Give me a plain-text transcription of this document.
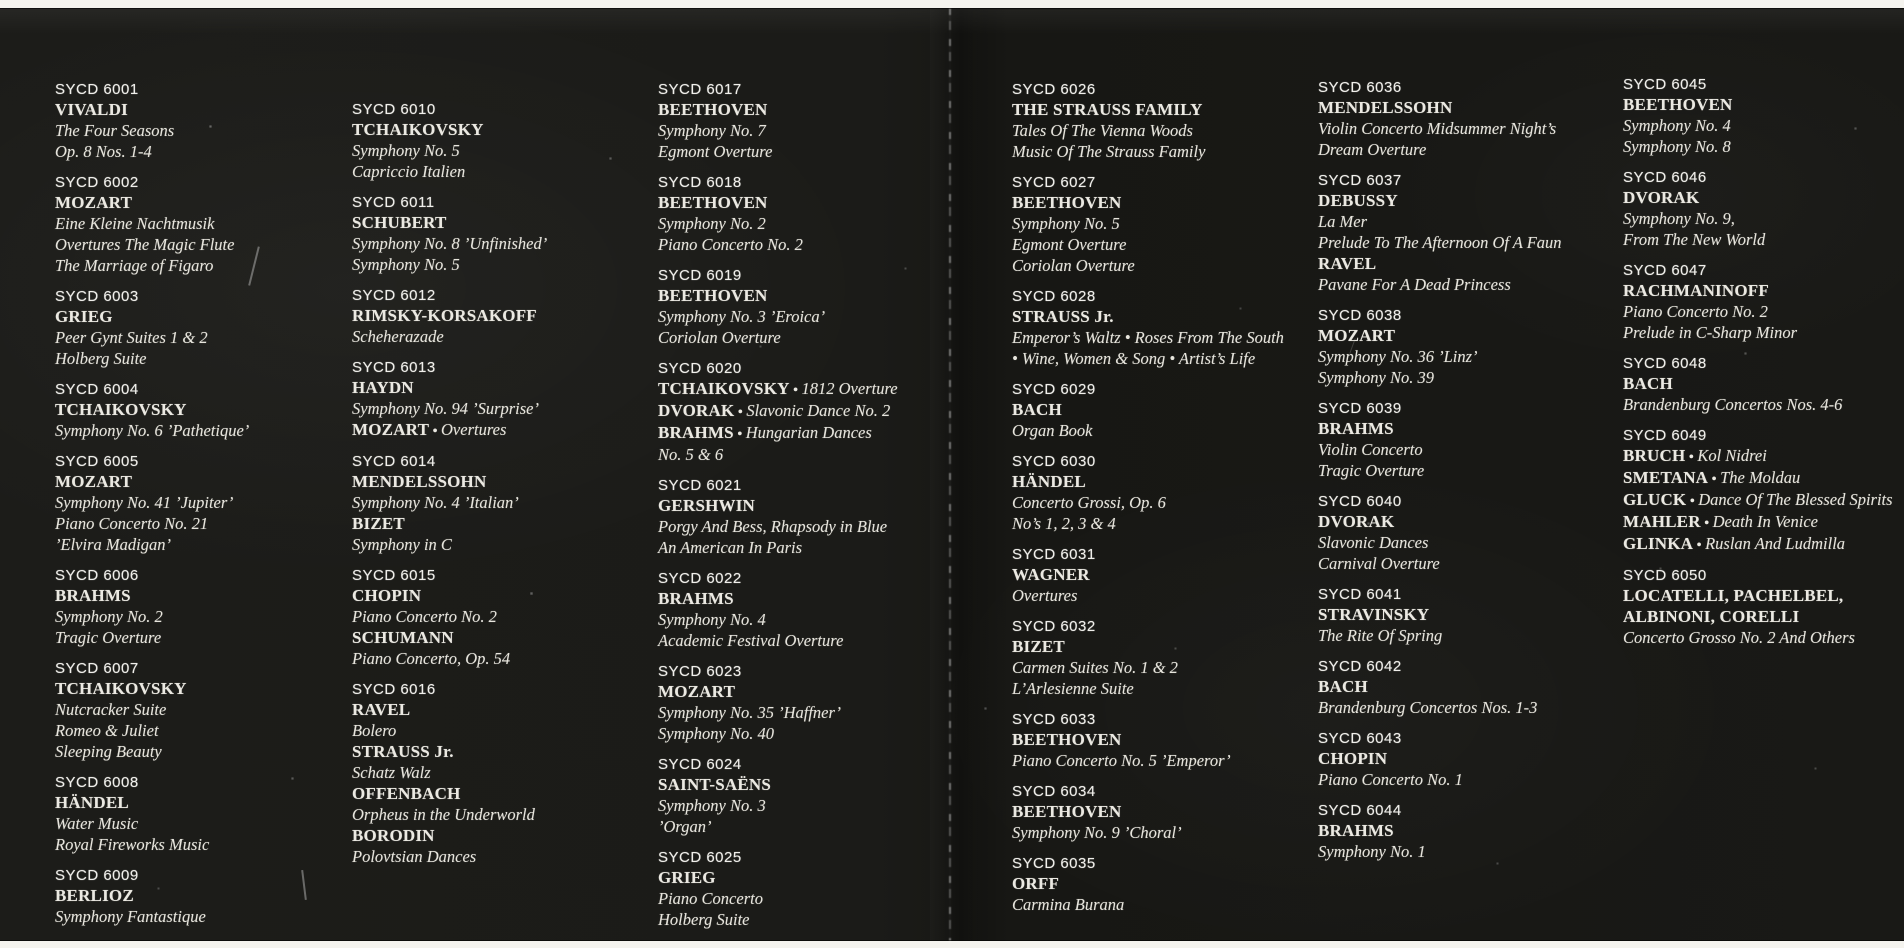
SYCD 6001
VIVALDI
The Four Seasons
Op. 8 Nos. 1-4
SYCD 6002
MOZART
Eine Kleine Nachtmusik
Overtures The Magic Flute
The Marriage of Figaro
SYCD 6003
GRIEG
Peer Gynt Suites 1 & 2
Holberg Suite
SYCD 6004
TCHAIKOVSKY
Symphony No. 6 ’Pathetique’
SYCD 6005
MOZART
Symphony No. 41 ’Jupiter’
Piano Concerto No. 21
’Elvira Madigan’
SYCD 6006
BRAHMS
Symphony No. 2
Tragic Overture
SYCD 6007
TCHAIKOVSKY
Nutcracker Suite
Romeo & Juliet
Sleeping Beauty
SYCD 6008
HÄNDEL
Water Music
Royal Fireworks Music
SYCD 6009
BERLIOZ
Symphony Fantastique
SYCD 6010
TCHAIKOVSKY
Symphony No. 5
Capriccio Italien
SYCD 6011
SCHUBERT
Symphony No. 8 ’Unfinished’
Symphony No. 5
SYCD 6012
RIMSKY-KORSAKOFF
Scheherazade
SYCD 6013
HAYDN
Symphony No. 94 ’Surprise’
MOZART • Overtures
SYCD 6014
MENDELSSOHN
Symphony No. 4 ’Italian’
BIZET
Symphony in C
SYCD 6015
CHOPIN
Piano Concerto No. 2
SCHUMANN
Piano Concerto, Op. 54
SYCD 6016
RAVEL
Bolero
STRAUSS Jr.
Schatz Walz
OFFENBACH
Orpheus in the Underworld
BORODIN
Polovtsian Dances
SYCD 6017
BEETHOVEN
Symphony No. 7
Egmont Overture
SYCD 6018
BEETHOVEN
Symphony No. 2
Piano Concerto No. 2
SYCD 6019
BEETHOVEN
Symphony No. 3 ’Eroica’
Coriolan Overture
SYCD 6020
TCHAIKOVSKY • 1812 Overture
DVORAK • Slavonic Dance No. 2
BRAHMS • Hungarian Dances
No. 5 & 6
SYCD 6021
GERSHWIN
Porgy And Bess, Rhapsody in Blue
An American In Paris
SYCD 6022
BRAHMS
Symphony No. 4
Academic Festival Overture
SYCD 6023
MOZART
Symphony No. 35 ’Haffner’
Symphony No. 40
SYCD 6024
SAINT-SAËNS
Symphony No. 3
’Organ’
SYCD 6025
GRIEG
Piano Concerto
Holberg Suite
SYCD 6026
THE STRAUSS FAMILY
Tales Of The Vienna Woods
Music Of The Strauss Family
SYCD 6027
BEETHOVEN
Symphony No. 5
Egmont Overture
Coriolan Overture
SYCD 6028
STRAUSS Jr.
Emperor’s Waltz • Roses From The South
• Wine, Women & Song • Artist’s Life
SYCD 6029
BACH
Organ Book
SYCD 6030
HÄNDEL
Concerto Grossi, Op. 6
No’s 1, 2, 3 & 4
SYCD 6031
WAGNER
Overtures
SYCD 6032
BIZET
Carmen Suites No. 1 & 2
L’Arlesienne Suite
SYCD 6033
BEETHOVEN
Piano Concerto No. 5 ’Emperor’
SYCD 6034
BEETHOVEN
Symphony No. 9 ’Choral’
SYCD 6035
ORFF
Carmina Burana
SYCD 6036
MENDELSSOHN
Violin Concerto Midsummer Night’s
Dream Overture
SYCD 6037
DEBUSSY
La Mer
Prelude To The Afternoon Of A Faun
RAVEL
Pavane For A Dead Princess
SYCD 6038
MOZART
Symphony No. 36 ’Linz’
Symphony No. 39
SYCD 6039
BRAHMS
Violin Concerto
Tragic Overture
SYCD 6040
DVORAK
Slavonic Dances
Carnival Overture
SYCD 6041
STRAVINSKY
The Rite Of Spring
SYCD 6042
BACH
Brandenburg Concertos Nos. 1-3
SYCD 6043
CHOPIN
Piano Concerto No. 1
SYCD 6044
BRAHMS
Symphony No. 1
SYCD 6045
BEETHOVEN
Symphony No. 4
Symphony No. 8
SYCD 6046
DVORAK
Symphony No. 9,
From The New World
SYCD 6047
RACHMANINOFF
Piano Concerto No. 2
Prelude in C-Sharp Minor
SYCD 6048
BACH
Brandenburg Concertos Nos. 4-6
SYCD 6049
BRUCH • Kol Nidrei
SMETANA • The Moldau
GLUCK • Dance Of The Blessed Spirits
MAHLER • Death In Venice
GLINKA • Ruslan And Ludmilla
SYCD 6050
LOCATELLI, PACHELBEL,
ALBINONI, CORELLI
Concerto Grosso No. 2 And Others
